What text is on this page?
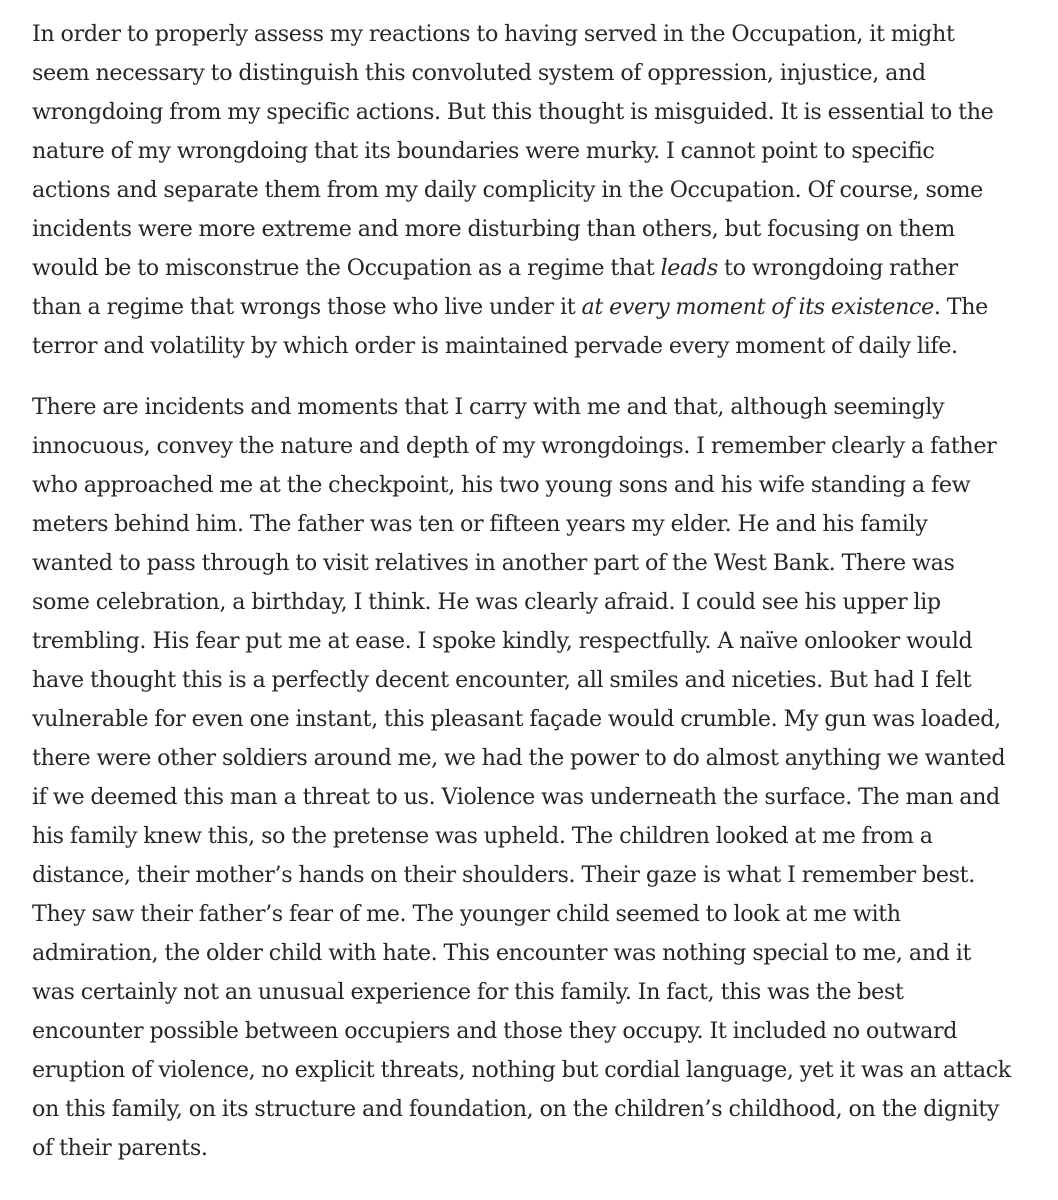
In order to properly assess my reactions to having served in the Occupation, it might
seem necessary to distinguish this convoluted system of oppression, injustice, and
wrongdoing from my specific actions. But this thought is misguided. It is essential to the
nature of my wrongdoing that its boundaries were murky. I cannot point to specific
actions and separate them from my daily complicity in the Occupation. Of course, some
incidents were more extreme and more disturbing than others, but focusing on them
would be to misconstrue the Occupation as a regime that leads to wrongdoing rather
than a regime that wrongs those who live under it at every moment of its existence. The
terror and volatility by which order is maintained pervade every moment of daily life.

There are incidents and moments that I carry with me and that, although seemingly
innocuous, convey the nature and depth of my wrongdoings. I remember clearly a father
who approached me at the checkpoint, his two young sons and his wife standing a few
meters behind him. The father was ten or fifteen years my elder. He and his family
wanted to pass through to visit relatives in another part of the West Bank. There was
some celebration, a birthday, I think. He was clearly afraid. I could see his upper lip
trembling. His fear put me at ease. I spoke kindly, respectfully. A naïve onlooker would
have thought this is a perfectly decent encounter, all smiles and niceties. But had I felt
vulnerable for even one instant, this pleasant façade would crumble. My gun was loaded,
there were other soldiers around me, we had the power to do almost anything we wanted
if we deemed this man a threat to us. Violence was underneath the surface. The man and
his family knew this, so the pretense was upheld. The children looked at me from a
distance, their mother’s hands on their shoulders. Their gaze is what I remember best.
They saw their father’s fear of me. The younger child seemed to look at me with
admiration, the older child with hate. This encounter was nothing special to me, and it
was certainly not an unusual experience for this family. In fact, this was the best
encounter possible between occupiers and those they occupy. It included no outward
eruption of violence, no explicit threats, nothing but cordial language, yet it was an attack
on this family, on its structure and foundation, on the children’s childhood, on the dignity
of their parents.
